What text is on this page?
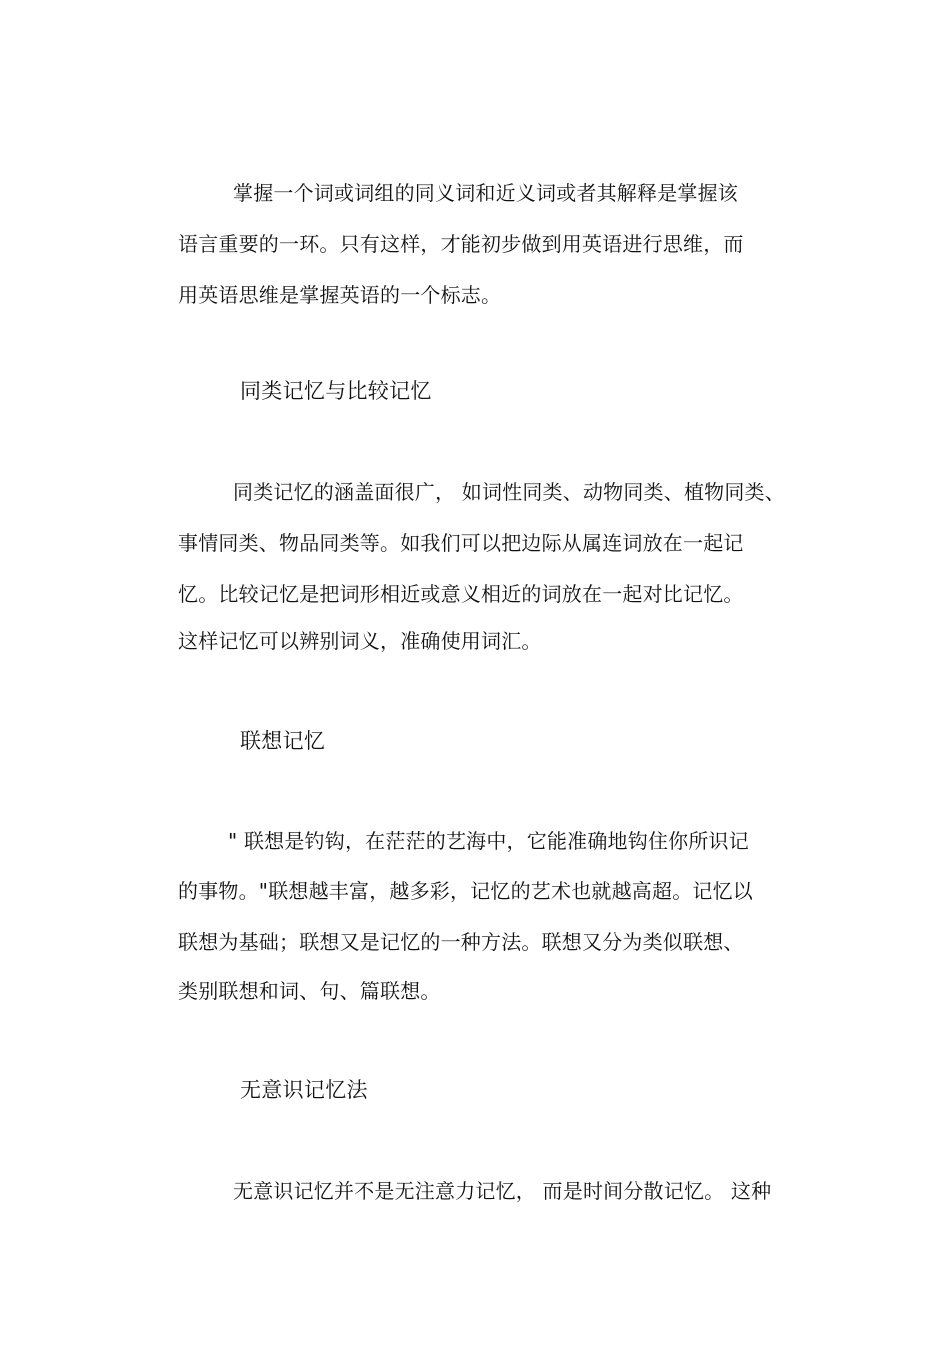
掌握一个词或词组的同义词和近义词或者其解释是掌握该
语言重要的一环。只有这样，才能初步做到用英语进行思维，而
用英语思维是掌握英语的一个标志。
同类记忆与比较记忆
同类记忆的涵盖面很广， 如词性同类、动物同类、植物同类、
事情同类、物品同类等。如我们可以把边际从属连词放在一起记
忆。比较记忆是把词形相近或意义相近的词放在一起对比记忆。
这样记忆可以辨别词义，准确使用词汇。
联想记忆
" 联想是钓钩，在茫茫的艺海中，它能准确地钩住你所识记
的事物。"联想越丰富，越多彩，记忆的艺术也就越高超。记忆以
联想为基础；联想又是记忆的一种方法。联想又分为类似联想、
类别联想和词、句、篇联想。
无意识记忆法
无意识记忆并不是无注意力记忆， 而是时间分散记忆。 这种
